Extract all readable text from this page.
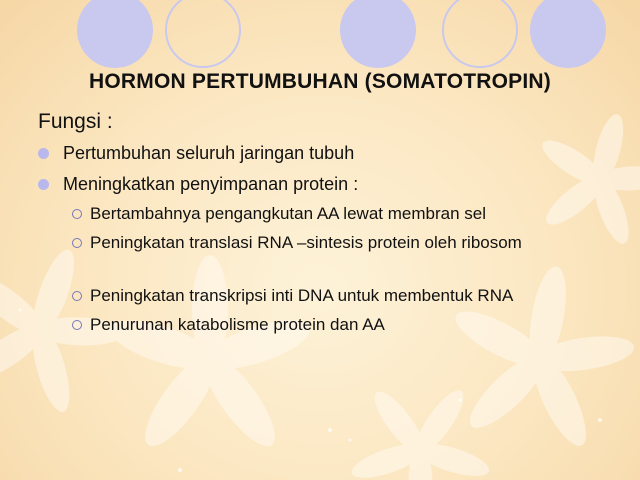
HORMON PERTUMBUHAN (SOMATOTROPIN)
Fungsi :
Pertumbuhan seluruh jaringan tubuh
Meningkatkan penyimpanan protein :
Bertambahnya pengangkutan AA lewat membran sel
Peningkatan translasi RNA –sintesis protein oleh ribosom
Peningkatan transkripsi inti DNA untuk membentuk RNA
Penurunan katabolisme protein dan AA
